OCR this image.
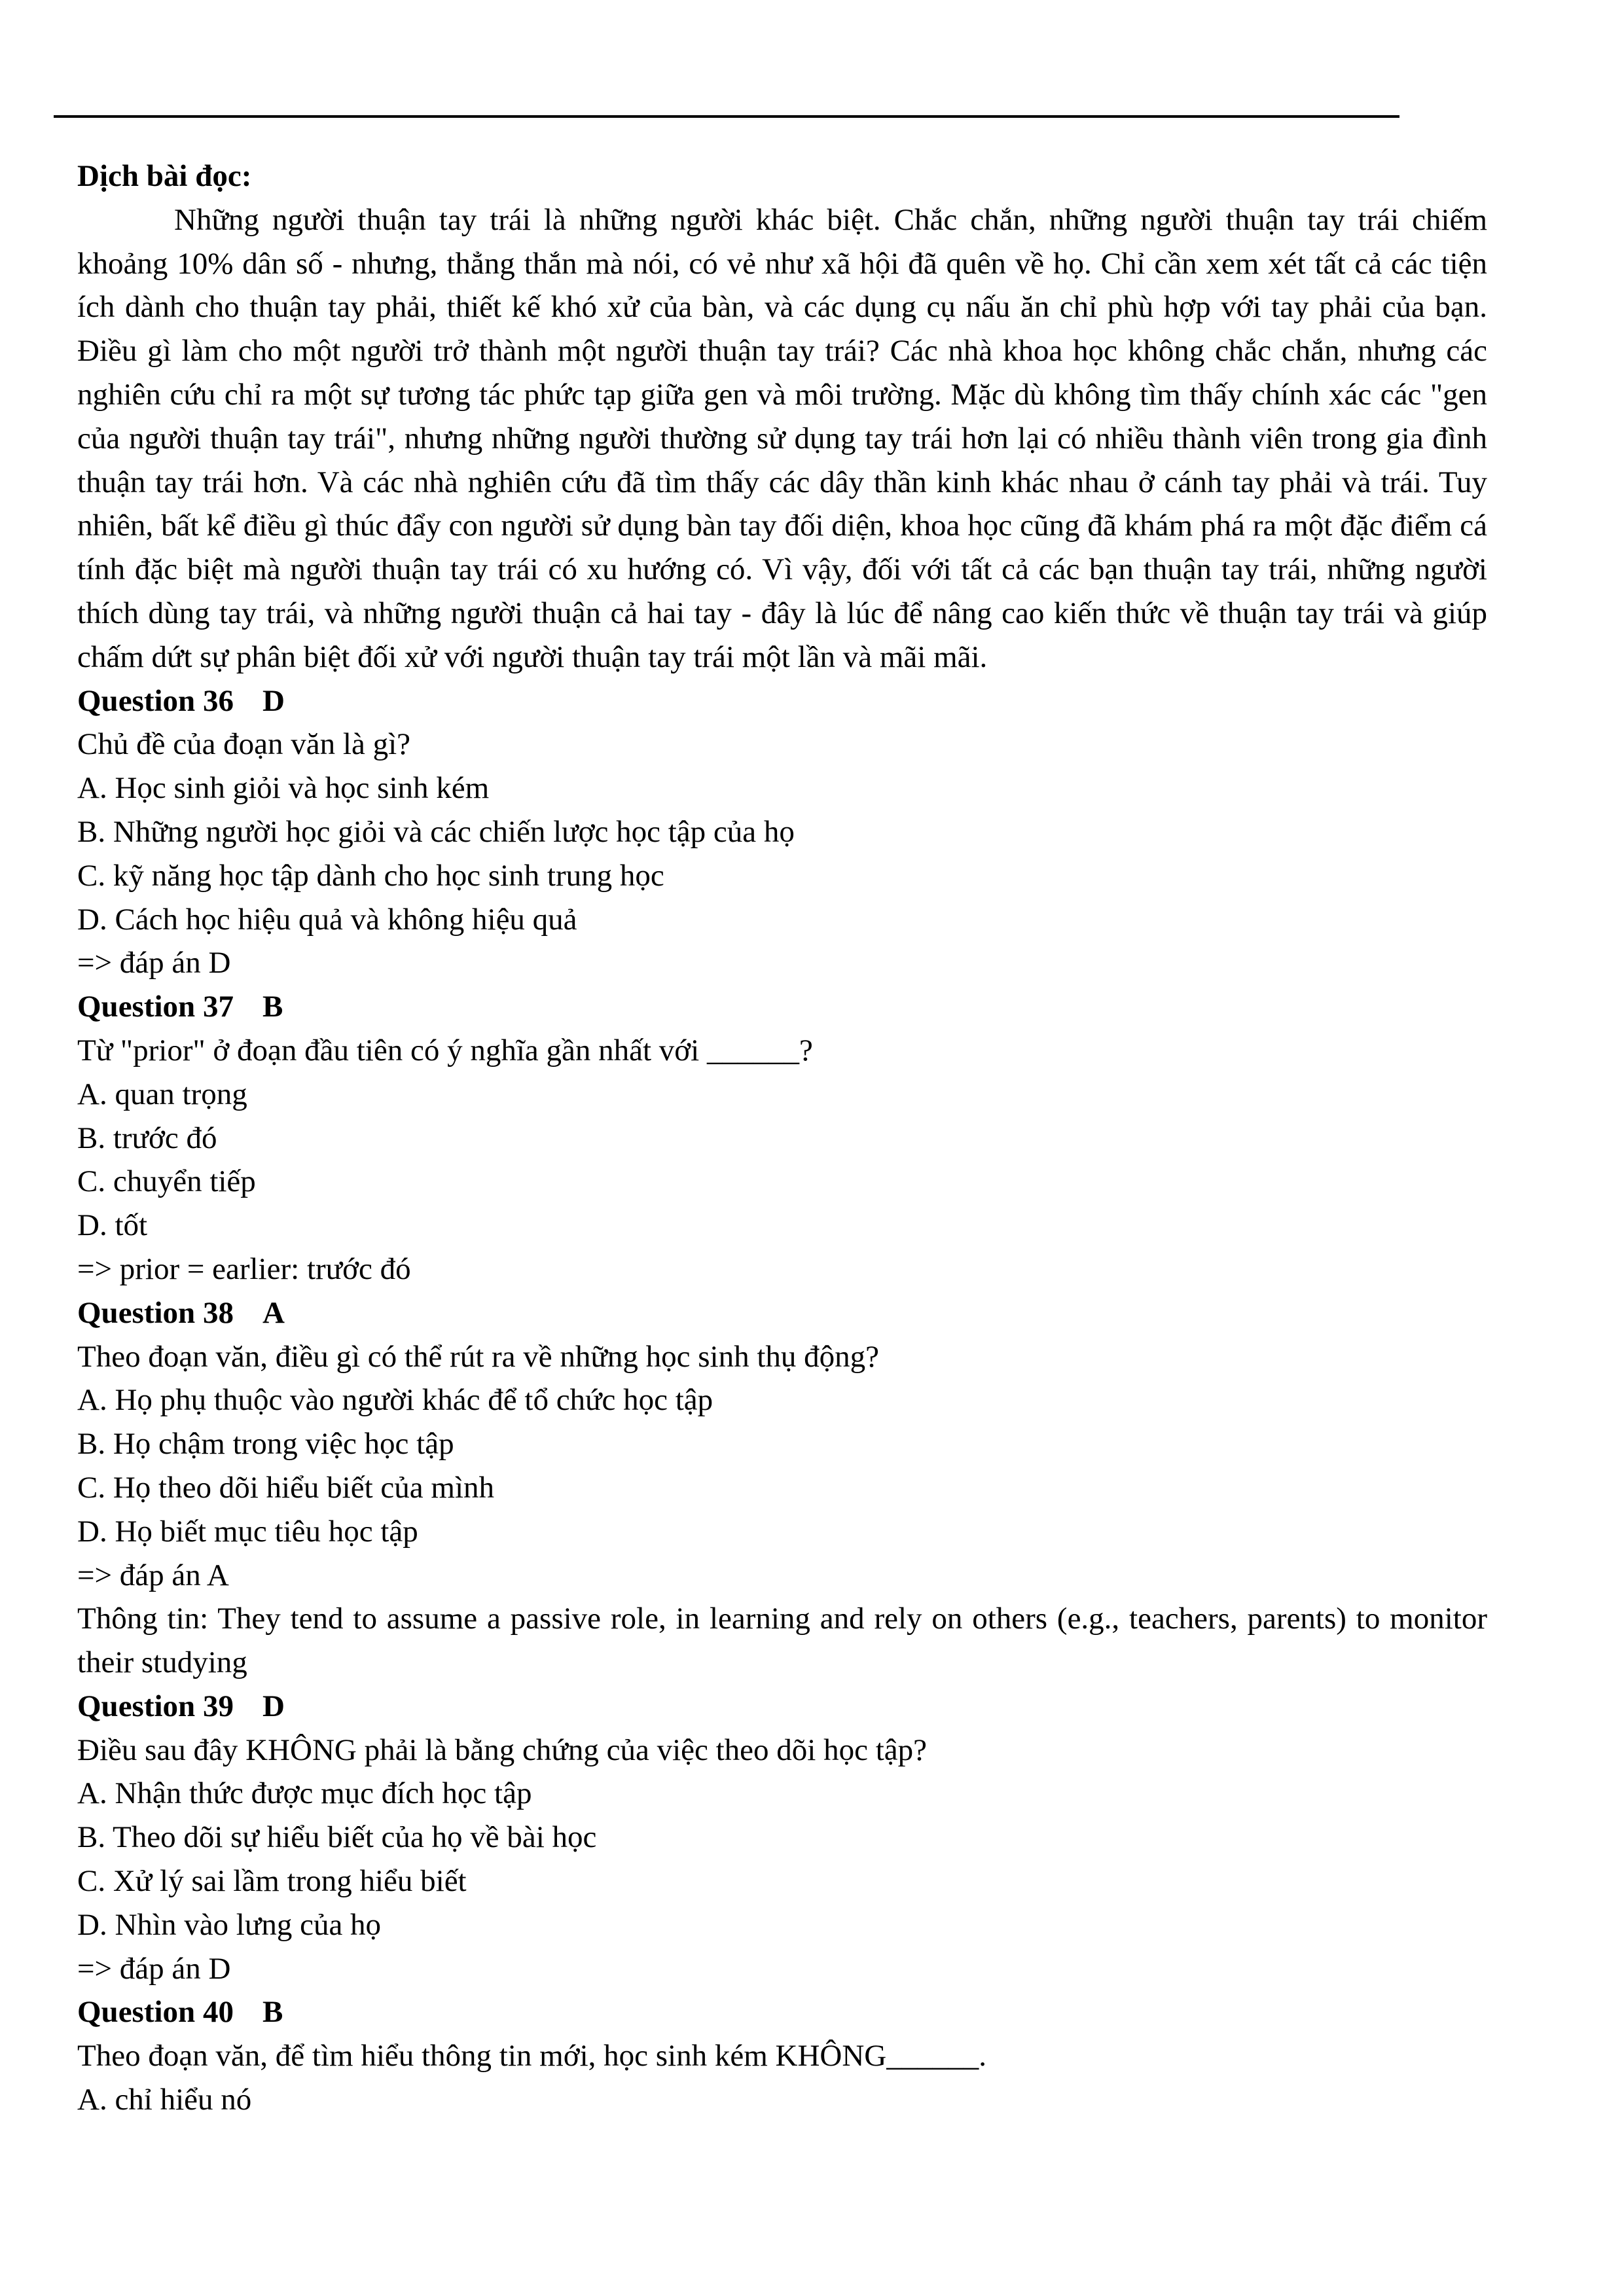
Dịch bài đọc:

Những người thuận tay trái là những người khác biệt. Chắc chắn, những người thuận tay trái chiếm khoảng 10% dân số - nhưng, thẳng thắn mà nói, có vẻ như xã hội đã quên về họ. Chỉ cần xem xét tất cả các tiện ích dành cho thuận tay phải, thiết kế khó xử của bàn, và các dụng cụ nấu ăn chỉ phù hợp với tay phải của bạn. Điều gì làm cho một người trở thành một người thuận tay trái? Các nhà khoa học không chắc chắn, nhưng các nghiên cứu chỉ ra một sự tương tác phức tạp giữa gen và môi trường. Mặc dù không tìm thấy chính xác các "gen của người thuận tay trái", nhưng những người thường sử dụng tay trái hơn lại có nhiều thành viên trong gia đình thuận tay trái hơn. Và các nhà nghiên cứu đã tìm thấy các dây thần kinh khác nhau ở cánh tay phải và trái. Tuy nhiên, bất kể điều gì thúc đẩy con người sử dụng bàn tay đối diện, khoa học cũng đã khám phá ra một đặc điểm cá tính đặc biệt mà người thuận tay trái có xu hướng có. Vì vậy, đối với tất cả các bạn thuận tay trái, những người thích dùng tay trái, và những người thuận cả hai tay - đây là lúc để nâng cao kiến thức về thuận tay trái và giúp chấm dứt sự phân biệt đối xử với người thuận tay trái một lần và mãi mãi.

Question 36 D

Chủ đề của đoạn văn là gì?

A. Học sinh giỏi và học sinh kém

B. Những người học giỏi và các chiến lược học tập của họ

C. kỹ năng học tập dành cho học sinh trung học

D. Cách học hiệu quả và không hiệu quả

=> đáp án D

Question 37 B

Từ "prior" ở đoạn đầu tiên có ý nghĩa gần nhất với ______?

A. quan trọng

B. trước đó

C. chuyển tiếp

D. tốt

=> prior = earlier: trước đó

Question 38 A

Theo đoạn văn, điều gì có thể rút ra về những học sinh thụ động?

A. Họ phụ thuộc vào người khác để tổ chức học tập

B. Họ chậm trong việc học tập

C. Họ theo dõi hiểu biết của mình

D. Họ biết mục tiêu học tập

=> đáp án A

Thông tin: They tend to assume a passive role, in learning and rely on others (e.g., teachers, parents) to monitor their studying

Question 39 D

Điều sau đây KHÔNG phải là bằng chứng của việc theo dõi học tập?

A. Nhận thức được mục đích học tập

B. Theo dõi sự hiểu biết của họ về bài học

C. Xử lý sai lầm trong hiểu biết

D. Nhìn vào lưng của họ

=> đáp án D

Question 40 B

Theo đoạn văn, để tìm hiểu thông tin mới, học sinh kém KHÔNG______.

A. chỉ hiểu nó
